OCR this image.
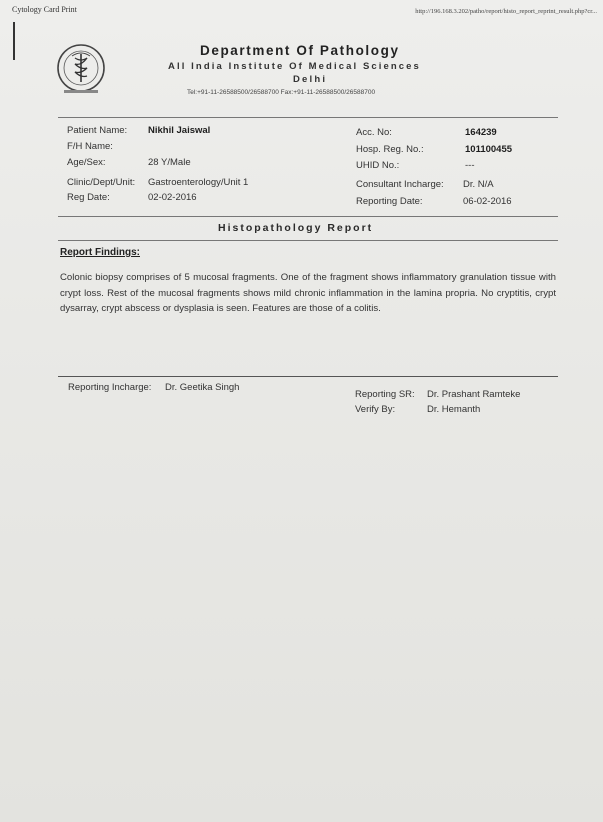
Cytology Card Print	http://196.168.3.202/patho/report/histo_report_reprint_result.php?cr...
Department Of Pathology
All India Institute Of Medical Sciences
Delhi
Tel:+91-11-26588500/26588700 Fax:+91-11-26588500/26588700
Patient Name: Nikhil Jaiswal
F/H Name:
Age/Sex:	28 Y/Male
Clinic/Dept/Unit: Gastroenterology/Unit 1
Reg Date:	02-02-2016
Acc. No:	164239
Hosp. Reg. No.:	101100455
UHID No.:	---
Consultant Incharge: Dr. N/A
Reporting Date:	06-02-2016
Histopathology Report
Report Findings:
Colonic biopsy comprises of 5 mucosal fragments. One of the fragment shows inflammatory granulation tissue with crypt loss. Rest of the mucosal fragments shows mild chronic inflammation in the lamina propria. No cryptitis, crypt dysarray, crypt abscess or dysplasia is seen. Features are those of a colitis.
Reporting Incharge: Dr. Geetika Singh
Reporting SR: Dr. Prashant Ramteke
Verify By:	Dr. Hemanth
